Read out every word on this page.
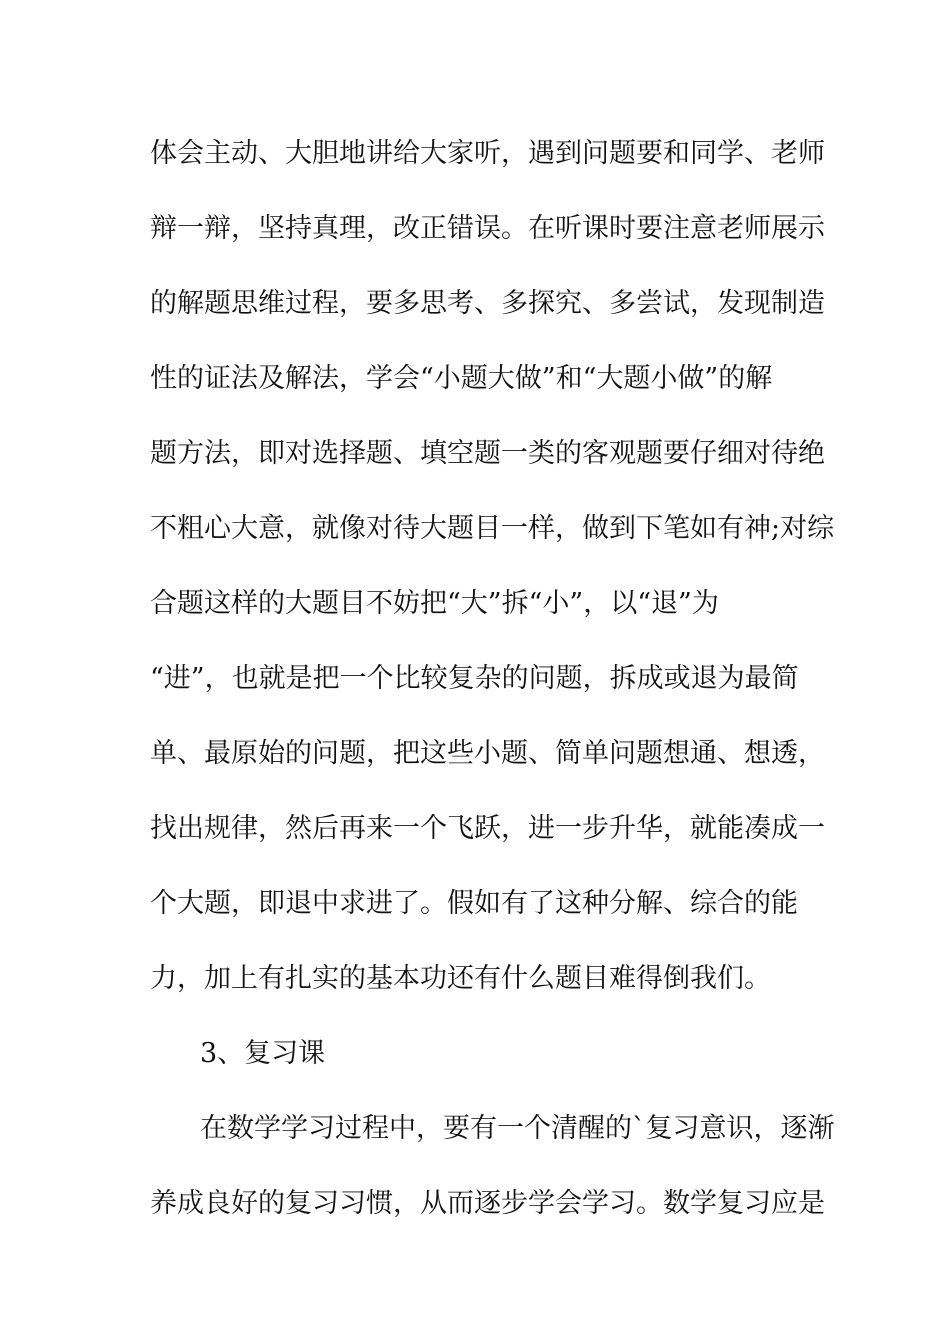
体会主动、大胆地讲给大家听，遇到问题要和同学、老师
辩一辩，坚持真理，改正错误。在听课时要注意老师展示
的解题思维过程，要多思考、多探究、多尝试，发现制造
性的证法及解法，学会“小题大做”和“大题小做”的解
题方法，即对选择题、填空题一类的客观题要仔细对待绝
不粗心大意，就像对待大题目一样，做到下笔如有神;对综
合题这样的大题目不妨把“大”拆“小”，以“退”为
“进”，也就是把一个比较复杂的问题，拆成或退为最简
单、最原始的问题，把这些小题、简单问题想通、想透，
找出规律，然后再来一个飞跃，进一步升华，就能凑成一
个大题，即退中求进了。假如有了这种分解、综合的能
力，加上有扎实的基本功还有什么题目难得倒我们。
3、复习课
在数学学习过程中，要有一个清醒的`复习意识，逐渐
养成良好的复习习惯，从而逐步学会学习。数学复习应是
